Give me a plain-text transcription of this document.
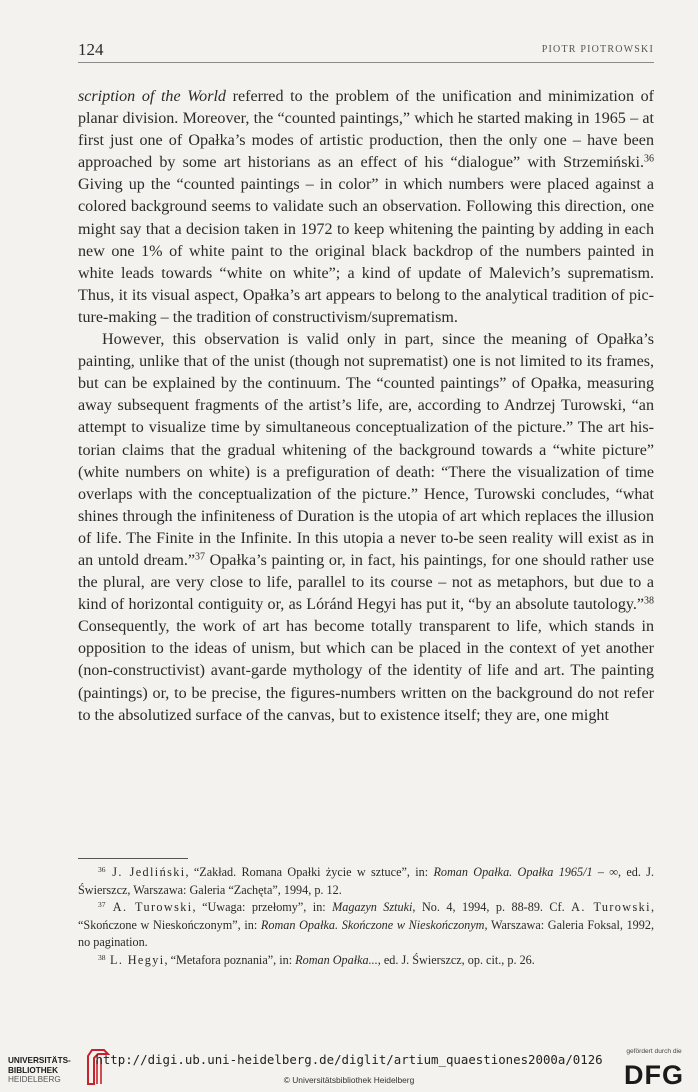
124	PIOTR PIOTROWSKI

scription of the World referred to the problem of the unification and minimization of planar division. Moreover, the “counted paintings,” which he started making in 1965 – at first just one of Opałka’s modes of artistic production, then the only one – have been approached by some art historians as an effect of his “dialogue” with Strzemiński.$^{36}$ Giving up the “counted paintings – in color” in which numbers were placed against a colored background seems to validate such an observation. Following this direction, one might say that a decision taken in 1972 to keep whitening the painting by adding in each new one 1% of white paint to the original black backdrop of the numbers painted in white leads towards “white on white”; a kind of update of Malevich’s suprematism. Thus, it its visual aspect, Opałka’s art appears to belong to the analytical tradition of picture-making – the tradition of constructivism/suprematism.

However, this observation is valid only in part, since the meaning of Opałka’s painting, unlike that of the unist (though not suprematist) one is not limited to its frames, but can be explained by the continuum. The “counted paintings” of Opałka, measuring away subsequent fragments of the artist’s life, are, according to Andrzej Turowski, “an attempt to visualize time by simultaneous conceptualization of the picture.” The art historian claims that the gradual whitening of the background towards a “white picture” (white numbers on white) is a prefiguration of death: “There the visualization of time overlaps with the conceptualization of the picture.” Hence, Turowski concludes, “what shines through the infiniteness of Duration is the utopia of art which replaces the illusion of life. The Finite in the Infinite. In this utopia a never to-be seen reality will exist as in an untold dream.”$^{37}$ Opałka’s painting or, in fact, his paintings, for one should rather use the plural, are very close to life, parallel to its course – not as metaphors, but due to a kind of horizontal contiguity or, as Lóránd Hegyi has put it, “by an absolute tautology.”$^{38}$ Consequently, the work of art has become totally transparent to life, which stands in opposition to the ideas of unism, but which can be placed in the context of yet another (non-constructivist) avant-garde mythology of the identity of life and art. The painting (paintings) or, to be precise, the figures-numbers written on the background do not refer to the absolutized surface of the canvas, but to existence itself; they are, one might

$^{36}$ J. Jedliński, “Zakład. Romana Opałki życie w sztuce”, in: Roman Opałka. Opałka 1965/1 – ∞, ed. J. Świerszcz, Warszawa: Galeria “Zachęta”, 1994, p. 12.

$^{37}$ A. Turowski, “Uwaga: przełomy”, in: Magazyn Sztuki, No. 4, 1994, p. 88-89. Cf. A. Turowski, “Skończone w Nieskończonym”, in: Roman Opałka. Skończone w Nieskończonym, Warszawa: Galeria Foksal, 1992, no pagination.

$^{38}$ L. Hegyi, “Metafora poznania”, in: Roman Opałka..., ed. J. Świerszcz, op. cit., p. 26.

UNIVERSITÄTS-
BIBLIOTHEK
HEIDELBERG
http://digi.ub.uni-heidelberg.de/diglit/artium_quaestiones2000a/0126
© Universitätsbibliothek Heidelberg
gefördert durch die
DFG
